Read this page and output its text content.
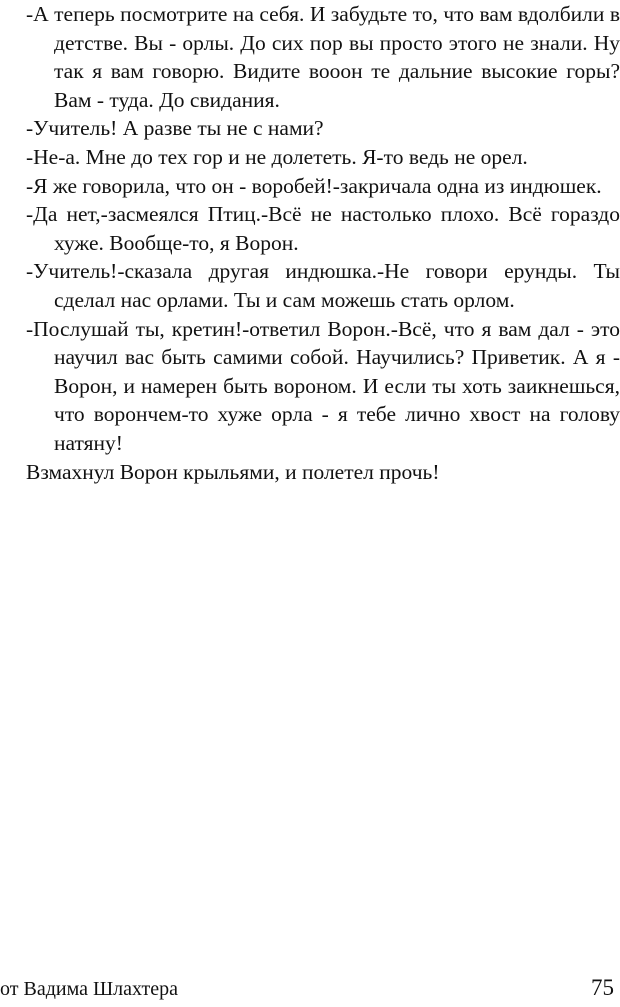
-А теперь посмотрите на себя. И забудьте то, что вам вдолбили в детстве. Вы - орлы. До сих пор вы просто этого не знали. Ну так я вам говорю. Видите вооон те дальние высокие горы? Вам - туда. До свидания.

-Учитель! А разве ты не с нами?

-Не-а. Мне до тех гор и не долететь. Я-то ведь не орел.

-Я же говорила, что он - воробей!-закричала одна из индюшек.

-Да нет,-засмеялся Птиц.-Всё не настолько плохо. Всё гораздо хуже. Вообще-то, я Ворон.

-Учитель!-сказала другая индюшка.-Не говори ерунды. Ты сделал нас орлами. Ты и сам можешь стать орлом.

-Послушай ты, кретин!-ответил Ворон.-Всё, что я вам дал - это научил вас быть самими собой. Научились? Приветик. А я - Ворон, и намерен быть вороном. И если ты хоть заикнешься, что ворончем-то хуже орла - я тебе лично хвост на голову натяну!

Взмахнул Ворон крыльями, и полетел прочь!

от Вадима Шлахтера	75
